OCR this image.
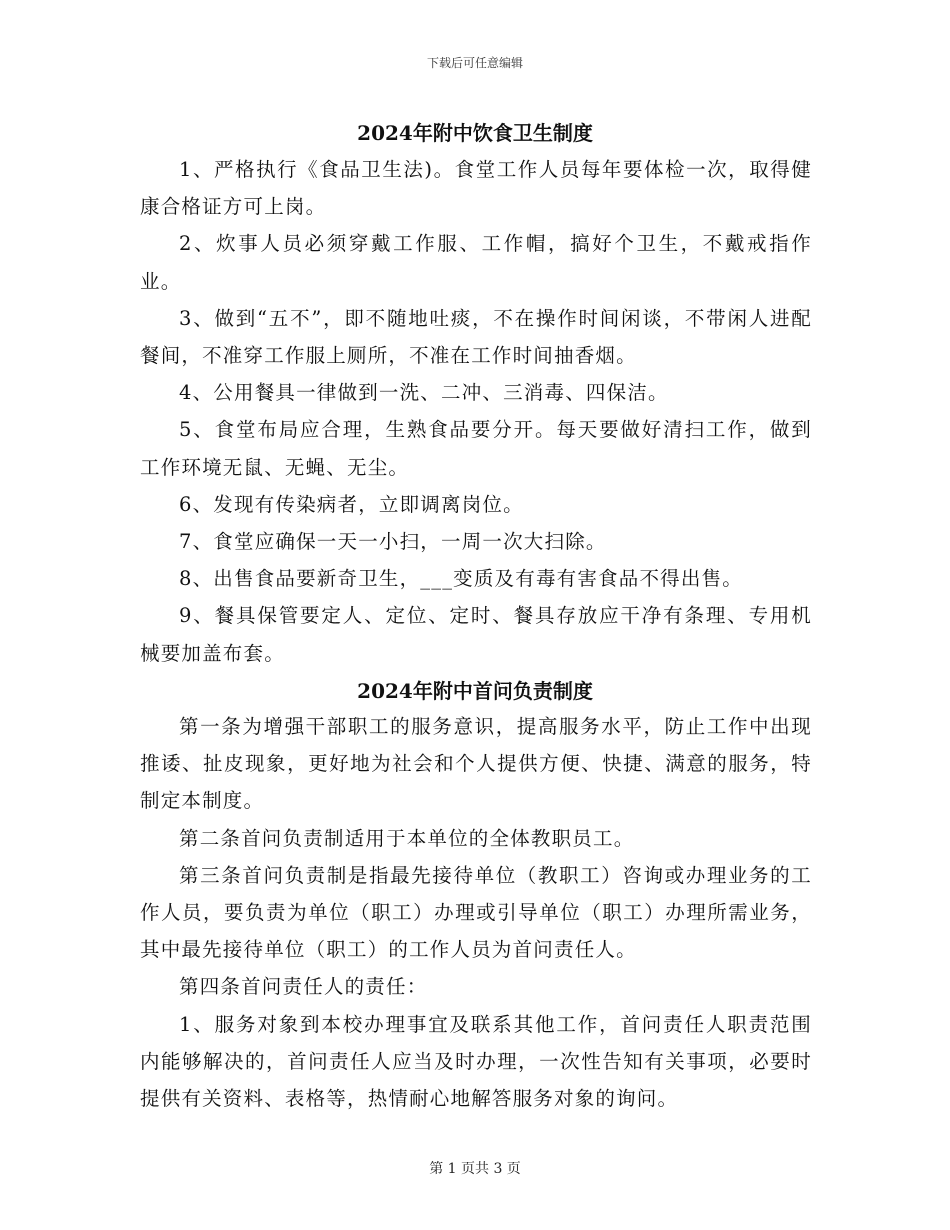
下载后可任意编辑
2024年附中饮食卫生制度

1、严格执行《食品卫生法)。食堂工作人员每年要体检一次，取得健康合格证方可上岗。

2、炊事人员必须穿戴工作服、工作帽，搞好个卫生，不戴戒指作业。

3、做到“五不”，即不随地吐痰，不在操作时间闲谈，不带闲人进配餐间，不准穿工作服上厕所，不准在工作时间抽香烟。

4、公用餐具一律做到一洗、二冲、三消毒、四保洁。

5、食堂布局应合理，生熟食品要分开。每天要做好清扫工作，做到工作环境无鼠、无蝇、无尘。

6、发现有传染病者，立即调离岗位。

7、食堂应确保一天一小扫，一周一次大扫除。

8、出售食品要新奇卫生，___变质及有毒有害食品不得出售。

9、餐具保管要定人、定位、定时、餐具存放应干净有条理、专用机械要加盖布套。

2024年附中首问负责制度

第一条为增强干部职工的服务意识，提高服务水平，防止工作中出现推诿、扯皮现象，更好地为社会和个人提供方便、快捷、满意的服务，特制定本制度。

第二条首问负责制适用于本单位的全体教职员工。

第三条首问负责制是指最先接待单位（教职工）咨询或办理业务的工作人员，要负责为单位（职工）办理或引导单位（职工）办理所需业务，其中最先接待单位（职工）的工作人员为首问责任人。

第四条首问责任人的责任：

1、服务对象到本校办理事宜及联系其他工作，首问责任人职责范围内能够解决的，首问责任人应当及时办理，一次性告知有关事项，必要时提供有关资料、表格等，热情耐心地解答服务对象的询问。

第 1 页共 3 页
